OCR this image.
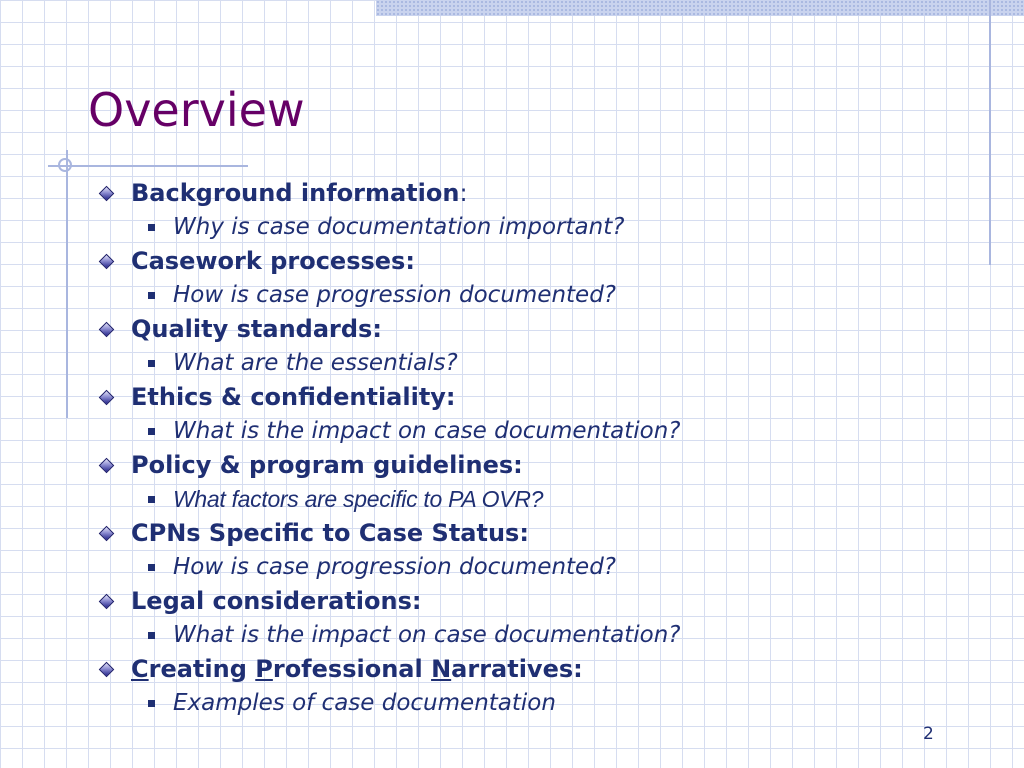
Overview
Background information:
Why is case documentation important?
Casework processes:
How is case progression documented?
Quality standards:
What are the essentials?
Ethics & confidentiality:
What is the impact on case documentation?
Policy & program guidelines:
What factors are specific to PA OVR?
CPNs Specific to Case Status:
How is case progression documented?
Legal considerations:
What is the impact on case documentation?
Creating Professional Narratives:
Examples of case documentation
2
